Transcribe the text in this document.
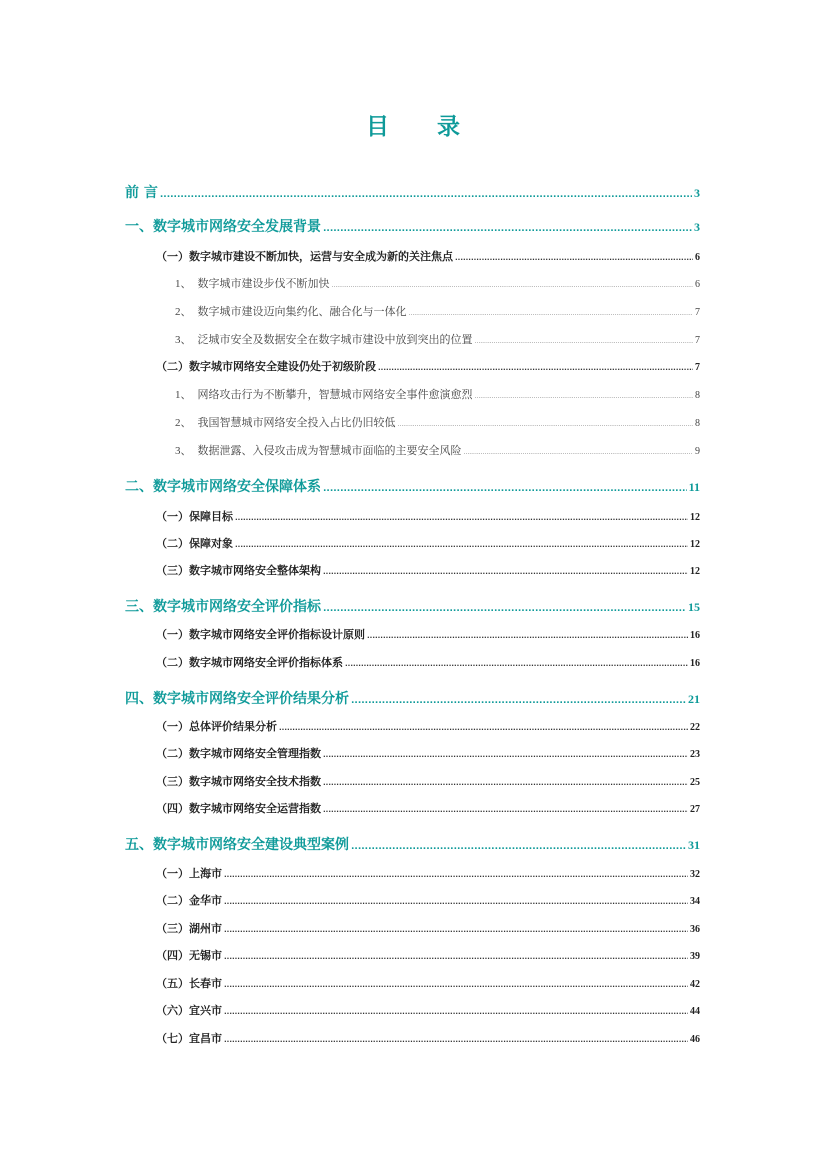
目 录
前 言 .....	3
一、数字城市网络安全发展背景 .....	3
（一）数字城市建设不断加快，运营与安全成为新的关注焦点 .....	6
1、 数字城市建设步伐不断加快 .....	6
2、 数字城市建设迈向集约化、融合化与一体化 .....	7
3、 泛城市安全及数据安全在数字城市建设中放到突出的位置 .....	7
（二）数字城市网络安全建设仍处于初级阶段 .....	7
1、 网络攻击行为不断攀升，智慧城市网络安全事件愈演愈烈 .....	8
2、 我国智慧城市网络安全投入占比仍旧较低 .....	8
3、 数据泄露、入侵攻击成为智慧城市面临的主要安全风险 .....	9
二、数字城市网络安全保障体系 .....	11
（一）保障目标 .....	12
（二）保障对象 .....	12
（三）数字城市网络安全整体架构 .....	12
三、数字城市网络安全评价指标 .....	15
（一）数字城市网络安全评价指标设计原则 .....	16
（二）数字城市网络安全评价指标体系 .....	16
四、数字城市网络安全评价结果分析 .....	21
（一）总体评价结果分析 .....	22
（二）数字城市网络安全管理指数 .....	23
（三）数字城市网络安全技术指数 .....	25
（四）数字城市网络安全运营指数 .....	27
五、数字城市网络安全建设典型案例 .....	31
（一）上海市 .....	32
（二）金华市 .....	34
（三）湖州市 .....	36
（四）无锡市 .....	39
（五）长春市 .....	42
（六）宜兴市 .....	44
（七）宜昌市 .....	46
